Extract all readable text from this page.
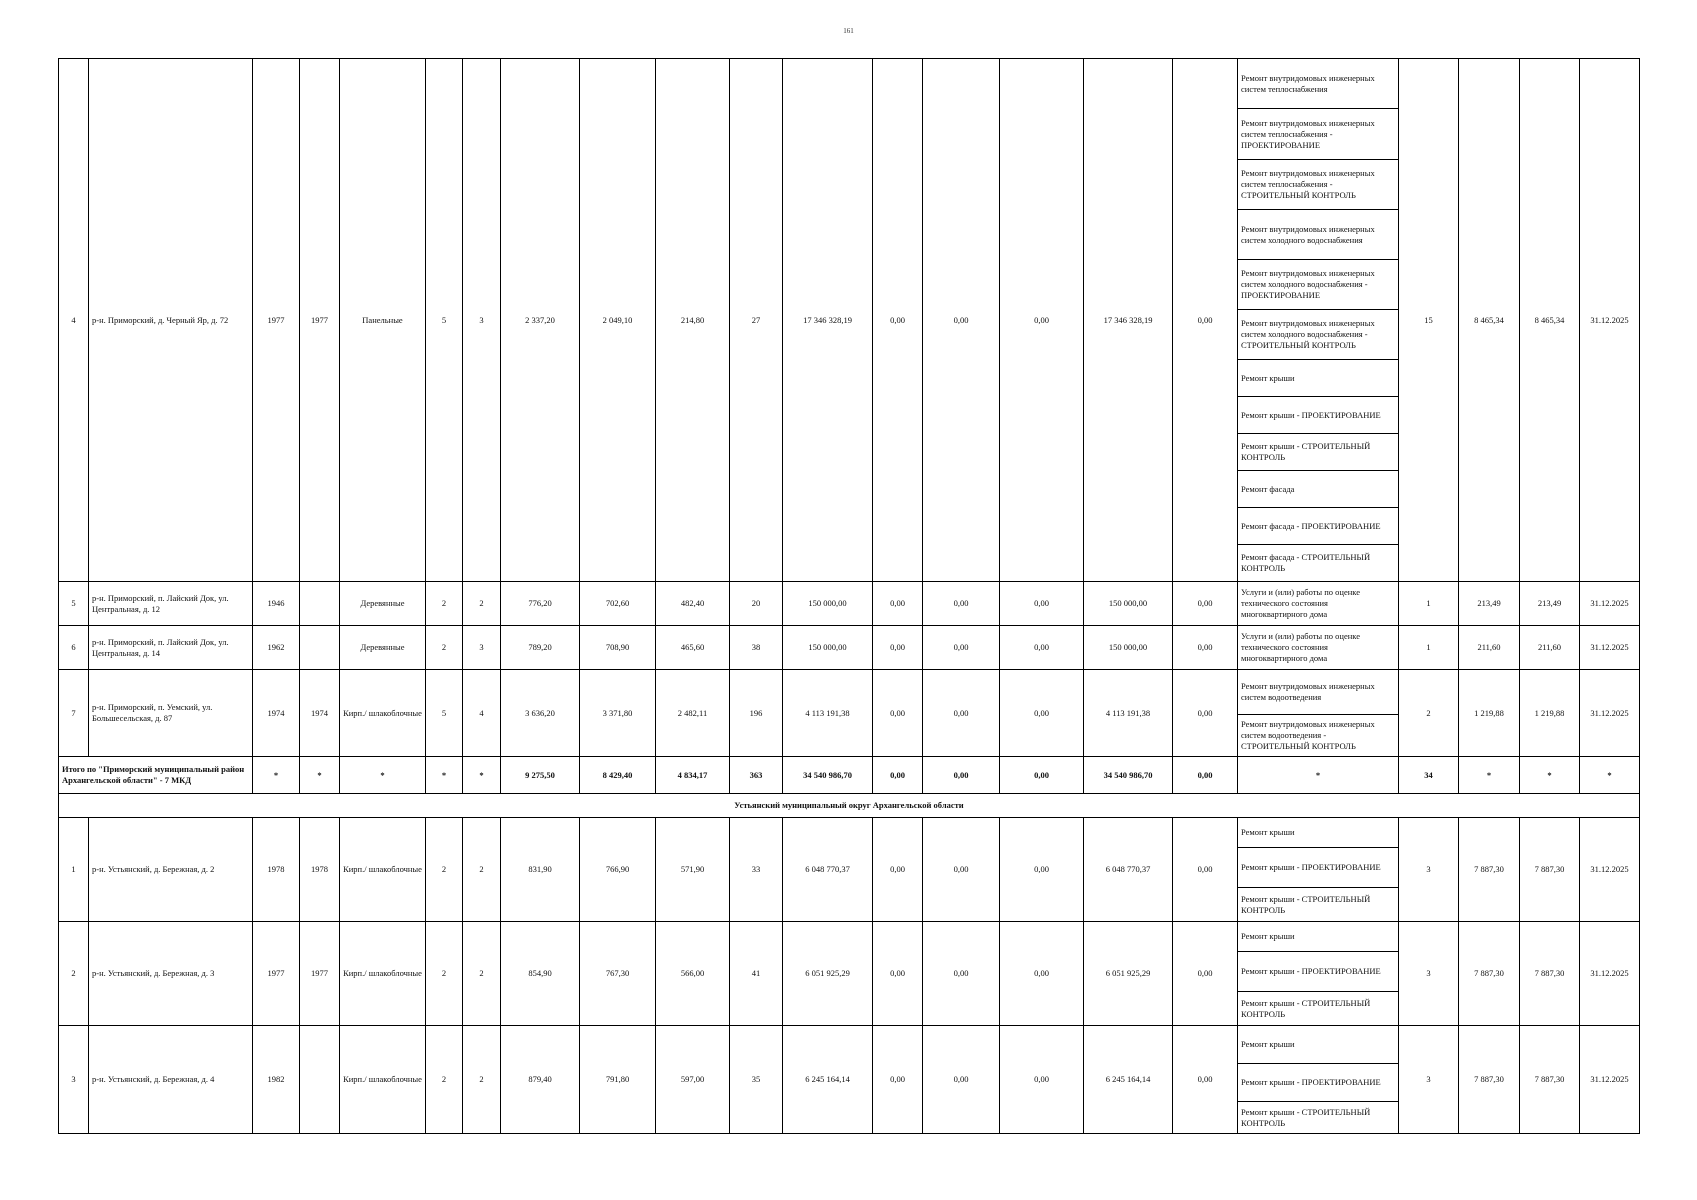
161
4	р-н. Приморский, д. Черный Яр, д. 72	1977	1977	Панельные	5	3	2 337,20	2 049,10	214,80	27	17 346 328,19	0,00	0,00	0,00	17 346 328,19	0,00	Ремонт внутридомовых инженерных систем теплоснабжения	15	8 465,34	8 465,34	31.12.2025
																	Ремонт внутридомовых инженерных систем теплоснабжения - ПРОЕКТИРОВАНИЕ				
																	Ремонт внутридомовых инженерных систем теплоснабжения - СТРОИТЕЛЬНЫЙ КОНТРОЛЬ				
																	Ремонт внутридомовых инженерных систем холодного водоснабжения				
																	Ремонт внутридомовых инженерных систем холодного водоснабжения - ПРОЕКТИРОВАНИЕ				
																	Ремонт внутридомовых инженерных систем холодного водоснабжения - СТРОИТЕЛЬНЫЙ КОНТРОЛЬ				
																	Ремонт крыши				
																	Ремонт крыши - ПРОЕКТИРОВАНИЕ				
																	Ремонт крыши - СТРОИТЕЛЬНЫЙ КОНТРОЛЬ				
																	Ремонт фасада				
																	Ремонт фасада - ПРОЕКТИРОВАНИЕ				
																	Ремонт фасада - СТРОИТЕЛЬНЫЙ КОНТРОЛЬ				
5	р-н. Приморский, п. Лайский Док, ул. Центральная, д. 12	1946		Деревянные	2	2	776,20	702,60	482,40	20	150 000,00	0,00	0,00	0,00	150 000,00	0,00	Услуги и (или) работы по оценке технического состояния многоквартирного дома	1	213,49	213,49	31.12.2025
6	р-н. Приморский, п. Лайский Док, ул. Центральная, д. 14	1962		Деревянные	2	3	789,20	708,90	465,60	38	150 000,00	0,00	0,00	0,00	150 000,00	0,00	Услуги и (или) работы по оценке технического состояния многоквартирного дома	1	211,60	211,60	31.12.2025
7	р-н. Приморский, п. Уемский, ул. Большесельская, д. 87	1974	1974	Кирп./ шлакоблочные	5	4	3 636,20	3 371,80	2 482,11	196	4 113 191,38	0,00	0,00	0,00	4 113 191,38	0,00	Ремонт внутридомовых инженерных систем водоотведения	2	1 219,88	1 219,88	31.12.2025
																	Ремонт внутридомовых инженерных систем водоотведения - СТРОИТЕЛЬНЫЙ КОНТРОЛЬ				
Итого по "Приморский муниципальный район Архангельской области" - 7 МКД		*	*	*	*	*	9 275,50	8 429,40	4 834,17	363	34 540 986,70	0,00	0,00	0,00	34 540 986,70	0,00	*	34	*	*	*
Устьянский муниципальный округ Архангельской области																					
1	р-н. Устьянский, д. Бережная, д. 2	1978	1978	Кирп./ шлакоблочные	2	2	831,90	766,90	571,90	33	6 048 770,37	0,00	0,00	0,00	6 048 770,37	0,00	Ремонт крыши	3	7 887,30	7 887,30	31.12.2025
																	Ремонт крыши - ПРОЕКТИРОВАНИЕ				
																	Ремонт крыши - СТРОИТЕЛЬНЫЙ КОНТРОЛЬ				
2	р-н. Устьянский, д. Бережная, д. 3	1977	1977	Кирп./ шлакоблочные	2	2	854,90	767,30	566,00	41	6 051 925,29	0,00	0,00	0,00	6 051 925,29	0,00	Ремонт крыши	3	7 887,30	7 887,30	31.12.2025
																	Ремонт крыши - ПРОЕКТИРОВАНИЕ				
																	Ремонт крыши - СТРОИТЕЛЬНЫЙ КОНТРОЛЬ				
3	р-н. Устьянский, д. Бережная, д. 4	1982		Кирп./ шлакоблочные	2	2	879,40	791,80	597,00	35	6 245 164,14	0,00	0,00	0,00	6 245 164,14	0,00	Ремонт крыши	3	7 887,30	7 887,30	31.12.2025
																	Ремонт крыши - ПРОЕКТИРОВАНИЕ				
																	Ремонт крыши - СТРОИТЕЛЬНЫЙ КОНТРОЛЬ				
